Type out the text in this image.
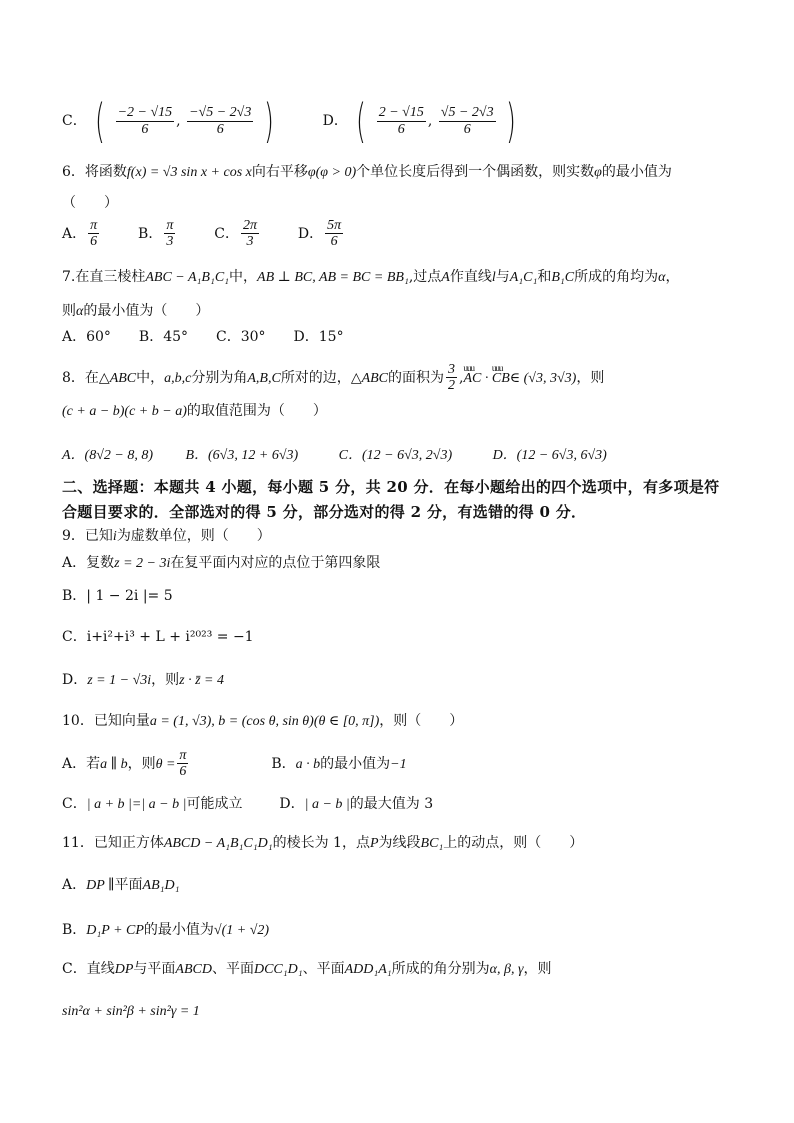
C． ( $\frac{-2 - √15}{6}$ , $\frac{-√5 - 2√3}{6}$ )	D． ( $\frac{2 - √15}{6}$ , $\frac{√5 - 2√3}{6}$ )
6．将函数f(x) = √3 sin x + cos x向右平移φ(φ > 0)个单位长度后得到一个偶函数，则实数φ的最小值为
（　　）
A． $\frac{\pi}{6}$	B． $\frac{\pi}{3}$	C． $\frac{2\pi}{3}$	D． $\frac{5\pi}{6}$
7.在直三棱柱ABC − A₁B₁C₁中，AB ⊥ BC, AB = BC = BB₁,过点A作直线l与A₁C₁和B₁C所成的角均为α，
则α的最小值为（　　）
A．60°　　B．45°　　C．30°　　D．15°
8．在△ABC中，a,b,c分别为角A,B,C所对的边，△ABC的面积为 $\frac{3}{2} ,uuu$ AC · uuu CB∈ (√3, 3√3)，则
(c + a − b)(c + b − a)的取值范围为（　　）
A．(8√2 − 8, 8) B．(6√3, 12 + 6√3)	C．(12 − 6√3, 2√3)	D．(12 − 6√3, 6√3)
二、选择题：本题共 4 小题，每小题 5 分，共 20 分．在每小题给出的四个选项中，有多项是符
合题目要求的．全部选对的得 5 分，部分选对的得 2 分，有选错的得 0 分．
9．已知i为虚数单位，则（　　）
A．复数z = 2 − 3i在复平面内对应的点位于第四象限
B．| 1 − 2i |= 5
C．i+i²+i³ + L + i²⁰²³ = −1
D．z = 1 − √3i，则z · z̄ = 4
10．已知向量a = (1, √3), b = (cos θ, sin θ)(θ ∈ [0, π])，则（　　）
A．若a ∥ b，则$\theta = \frac{\pi}{6}$	B．a · b的最小值为−1
C．| a + b |=| a − b |可能成立	D．| a − b |的最大值为 3
11．已知正方体ABCD − A₁B₁C₁D₁的棱长为 1，点P为线段BC₁上的动点，则（　　）
A．DP ∥平面AB₁D₁
B．D₁P + CP的最小值为√(1 + √2)
C．直线DP与平面ABCD、平面DCC₁D₁、平面ADD₁A₁所成的角分别为α, β, γ，则
sin²α + sin²β + sin²γ = 1
